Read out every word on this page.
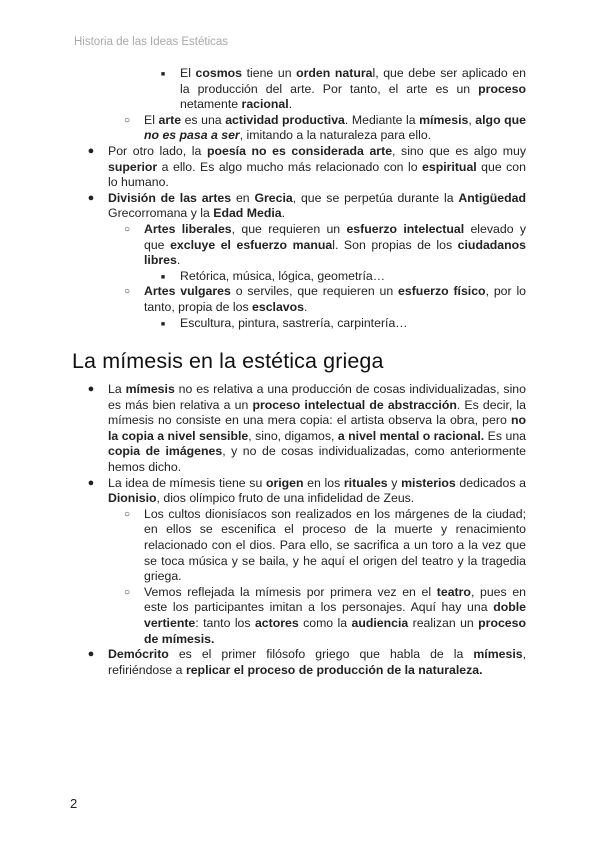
Historia de las Ideas Estéticas
■	El cosmos tiene un orden natural, que debe ser aplicado en la producción del arte. Por tanto, el arte es un proceso netamente racional.

○	El arte es una actividad productiva. Mediante la mímesis, algo que no es pasa a ser, imitando a la naturaleza para ello.

● Por otro lado, la poesía no es considerada arte, sino que es algo muy superior a ello. Es algo mucho más relacionado con lo espiritual que con lo humano.

● División de las artes en Grecia, que se perpetúa durante la Antigüedad Grecorromana y la Edad Media.

○	Artes liberales, que requieren un esfuerzo intelectual elevado y que excluye el esfuerzo manual. Son propias de los ciudadanos libres.

■	Retórica, música, lógica, geometría…

○	Artes vulgares o serviles, que requieren un esfuerzo físico, por lo tanto, propia de los esclavos.

■	Escultura, pintura, sastrería, carpintería…

La mímesis en la estética griega
● La mímesis no es relativa a una producción de cosas individualizadas, sino es más bien relativa a un proceso intelectual de abstracción. Es decir, la mímesis no consiste en una mera copia: el artista observa la obra, pero no la copia a nivel sensible, sino, digamos, a nivel mental o racional. Es una copia de imágenes, y no de cosas individualizadas, como anteriormente hemos dicho.

● La idea de mímesis tiene su origen en los rituales y misterios dedicados a Dionisio, dios olímpico fruto de una infidelidad de Zeus.

○	Los cultos dionisíacos son realizados en los márgenes de la ciudad; en ellos se escenifica el proceso de la muerte y renacimiento relacionado con el dios. Para ello, se sacrifica a un toro a la vez que se toca música y se baila, y he aquí el origen del teatro y la tragedia griega.

○	Vemos reflejada la mímesis por primera vez en el teatro, pues en este los participantes imitan a los personajes. Aquí hay una doble vertiente: tanto los actores como la audiencia realizan un proceso de mímesis.

● Demócrito es el primer filósofo griego que habla de la mímesis, refiriéndose a replicar el proceso de producción de la naturaleza.

2
